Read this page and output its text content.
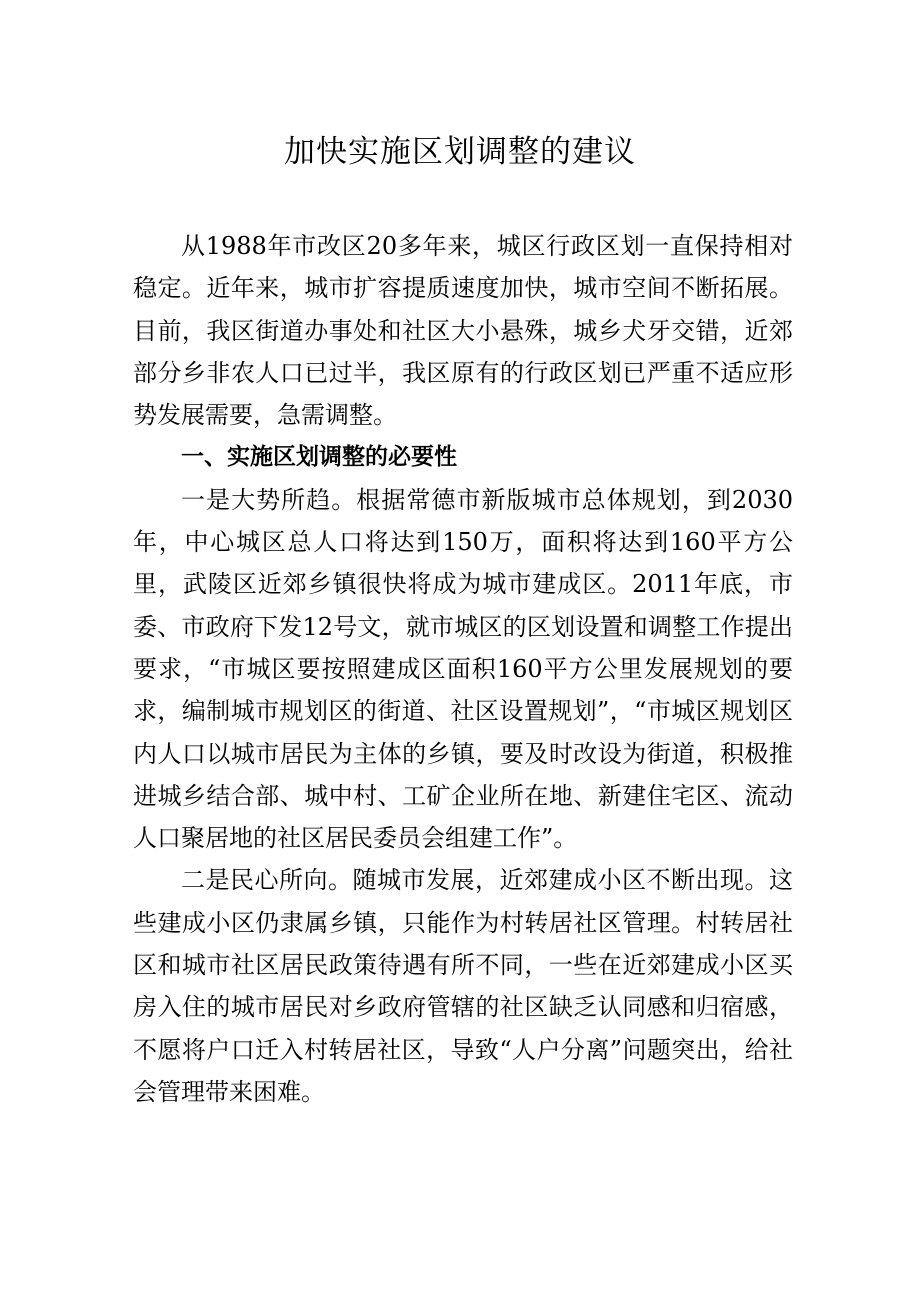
加快实施区划调整的建议

从1988年市改区20多年来，城区行政区划一直保持相对稳定。近年来，城市扩容提质速度加快，城市空间不断拓展。目前，我区街道办事处和社区大小悬殊，城乡犬牙交错，近郊部分乡非农人口已过半，我区原有的行政区划已严重不适应形势发展需要，急需调整。

一、实施区划调整的必要性

一是大势所趋。根据常德市新版城市总体规划，到2030年，中心城区总人口将达到150万，面积将达到160平方公里，武陵区近郊乡镇很快将成为城市建成区。2011年底，市委、市政府下发12号文，就市城区的区划设置和调整工作提出要求，“市城区要按照建成区面积160平方公里发展规划的要求，编制城市规划区的街道、社区设置规划”，“市城区规划区内人口以城市居民为主体的乡镇，要及时改设为街道，积极推进城乡结合部、城中村、工矿企业所在地、新建住宅区、流动人口聚居地的社区居民委员会组建工作”。

二是民心所向。随城市发展，近郊建成小区不断出现。这些建成小区仍隶属乡镇，只能作为村转居社区管理。村转居社区和城市社区居民政策待遇有所不同，一些在近郊建成小区买房入住的城市居民对乡政府管辖的社区缺乏认同感和归宿感，不愿将户口迁入村转居社区，导致“人户分离”问题突出，给社会管理带来困难。
